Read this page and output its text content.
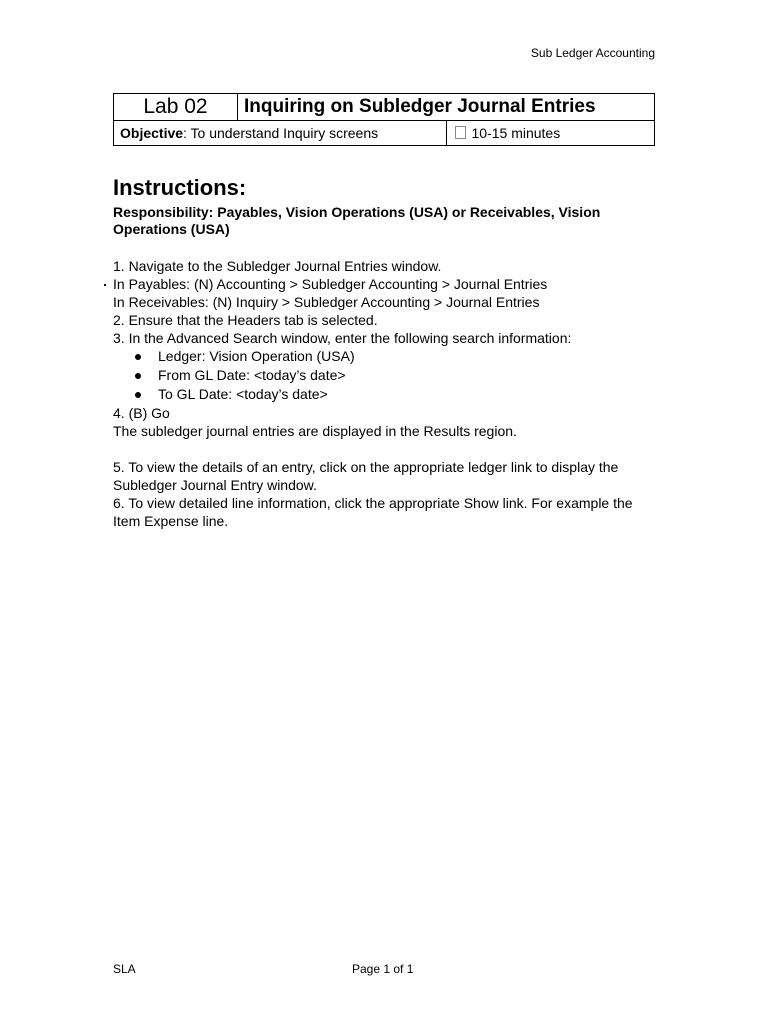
Sub Ledger Accounting
Lab 02	Inquiring on Subledger Journal Entries	
Objective: To understand Inquiry screens		10-15 minutes
Instructions:
Responsibility: Payables, Vision Operations (USA) or Receivables, Vision Operations (USA)
1. Navigate to the Subledger Journal Entries window.
In Payables: (N) Accounting > Subledger Accounting > Journal Entries
In Receivables: (N) Inquiry > Subledger Accounting > Journal Entries
2. Ensure that the Headers tab is selected.
3. In the Advanced Search window, enter the following search information:
Ledger: Vision Operation (USA)
From GL Date: <today’s date>
To GL Date: <today’s date>
4. (B) Go
The subledger journal entries are displayed in the Results region.
5. To view the details of an entry, click on the appropriate ledger link to display the Subledger Journal Entry window.
6. To view detailed line information, click the appropriate Show link. For example the Item Expense line.
SLA	Page 1 of 1
